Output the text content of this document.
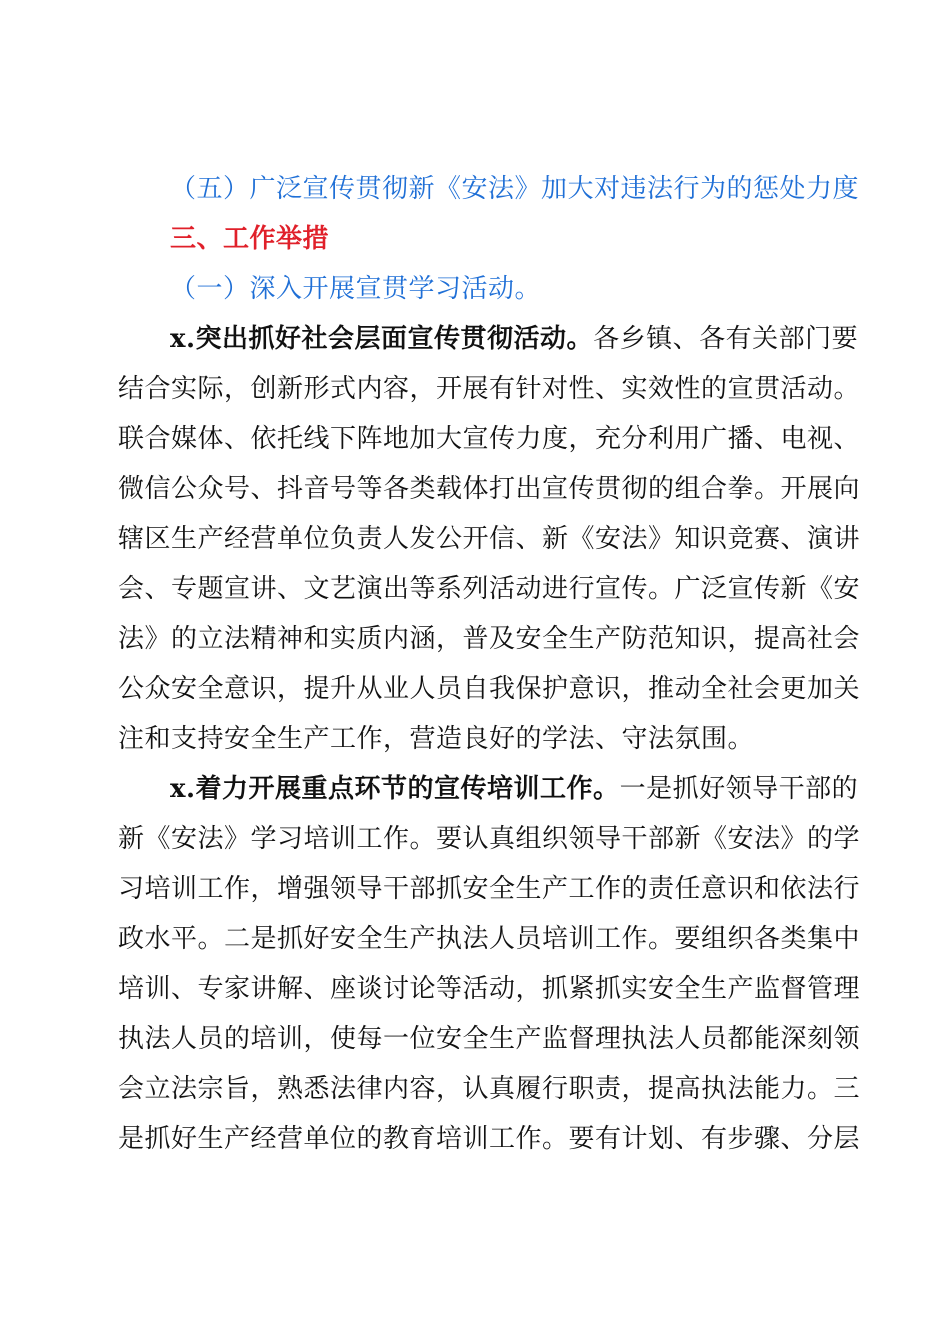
（五）广泛宣传贯彻新《安法》加大对违法行为的惩处力度
三、工作举措
（一）深入开展宣贯学习活动。
x.突出抓好社会层面宣传贯彻活动。各乡镇、各有关部门要
结合实际，创新形式内容，开展有针对性、实效性的宣贯活动。
联合媒体、依托线下阵地加大宣传力度，充分利用广播、电视、
微信公众号、抖音号等各类载体打出宣传贯彻的组合拳。开展向
辖区生产经营单位负责人发公开信、新《安法》知识竞赛、演讲
会、专题宣讲、文艺演出等系列活动进行宣传。广泛宣传新《安
法》的立法精神和实质内涵，普及安全生产防范知识，提高社会
公众安全意识，提升从业人员自我保护意识，推动全社会更加关
注和支持安全生产工作，营造良好的学法、守法氛围。
x.着力开展重点环节的宣传培训工作。一是抓好领导干部的
新《安法》学习培训工作。要认真组织领导干部新《安法》的学
习培训工作，增强领导干部抓安全生产工作的责任意识和依法行
政水平。二是抓好安全生产执法人员培训工作。要组织各类集中
培训、专家讲解、座谈讨论等活动，抓紧抓实安全生产监督管理
执法人员的培训，使每一位安全生产监督理执法人员都能深刻领
会立法宗旨，熟悉法律内容，认真履行职责，提高执法能力。三
是抓好生产经营单位的教育培训工作。要有计划、有步骤、分层
